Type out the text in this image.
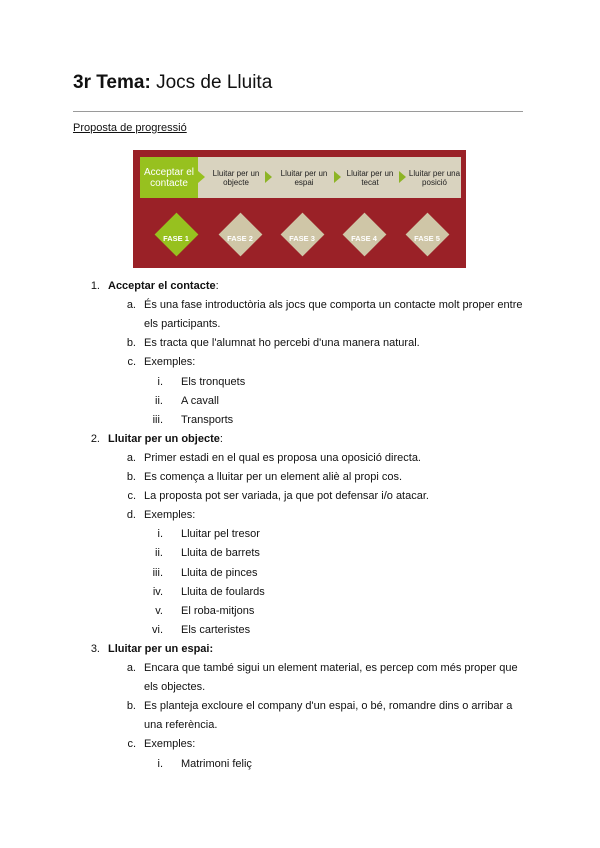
3r Tema: Jocs de Lluita
Proposta de progressió
Acceptar el contacte
Lluitar per un objecte
Lluitar per un espai
Lluitar per un tecat
Lluitar per una posició
FASE 1	FASE 2	FASE 3	FASE 4	FASE 5
1. Acceptar el contacte:
a. És una fase introductòria als jocs que comporta un contacte molt proper entre
els participants.
b. Es tracta que l'alumnat ho percebi d'una manera natural.
c. Exemples:
i. Els tronquets
ii. A cavall
iii. Transports
2. Lluitar per un objecte:
a. Primer estadi en el qual es proposa una oposició directa.
b. Es comença a lluitar per un element aliè al propi cos.
c. La proposta pot ser variada, ja que pot defensar i/o atacar.
d. Exemples:
i. Lluitar pel tresor
ii. Lluita de barrets
iii. Lluita de pinces
iv. Lluita de foulards
v. El roba-mitjons
vi. Els carteristes
3. Lluitar per un espai:
a. Encara que també sigui un element material, es percep com més proper que
els objectes.
b. Es planteja excloure el company d'un espai, o bé, romandre dins o arribar a
una referència.
c. Exemples:
i. Matrimoni feliç
